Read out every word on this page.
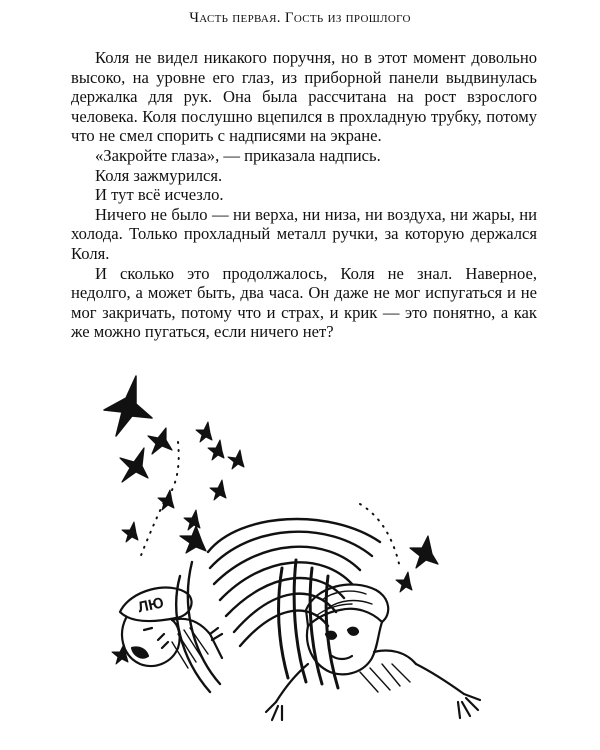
Часть первая. Гость из прошлого

Коля не видел никакого поручня, но в этот момент довольно высоко, на уровне его глаз, из приборной панели выдвинулась держалка для рук. Она была рассчитана на рост взрослого человека. Коля послушно вцепился в прохладную трубку, потому что не смел спорить с надписями на экране.

«Закройте глаза», — приказала надпись.

Коля зажмурился.

И тут всё исчезло.

Ничего не было — ни верха, ни низа, ни воздуха, ни жары, ни холода. Только прохладный металл ручки, за которую держался Коля.

И сколько это продолжалось, Коля не знал. Наверное, недолго, а может быть, два часа. Он даже не мог испугаться и не мог закричать, потому что и страх, и крик — это понятно, а как же можно пугаться, если ничего нет?

ЛЮ
